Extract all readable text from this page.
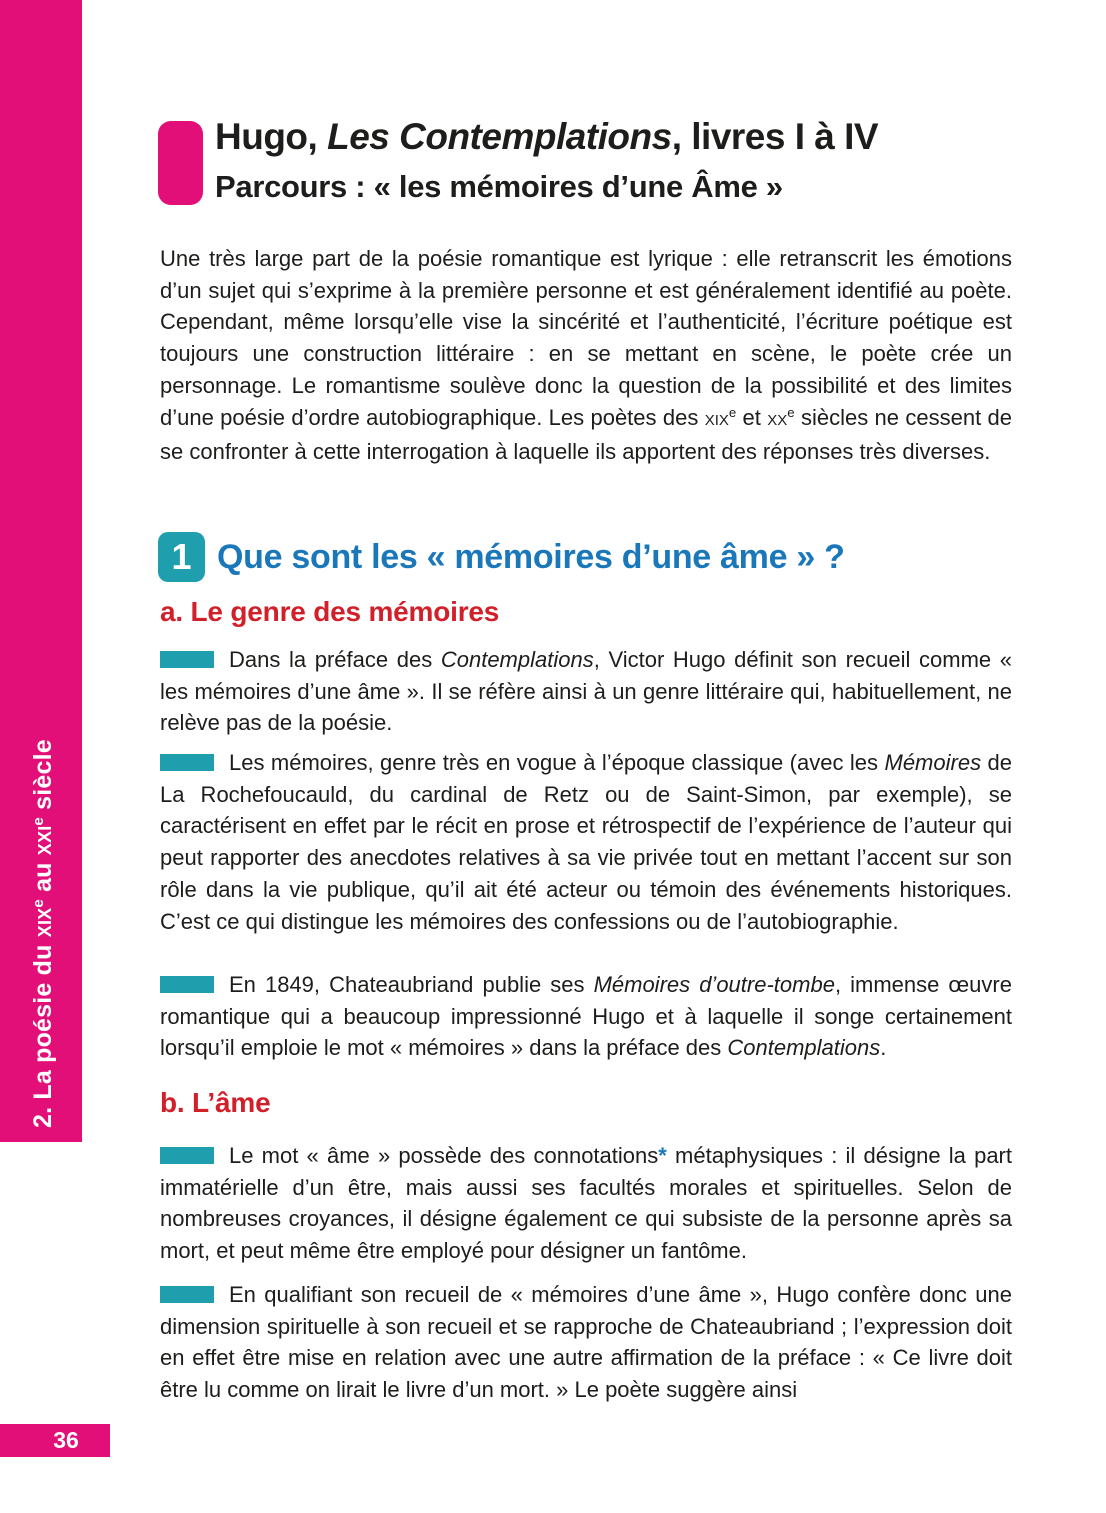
2. La poésie du xix$^e$ au xxi$^e$ siècle
Hugo, Les Contemplations, livres I à IV
Parcours : « les mémoires d’une Âme »

Une très large part de la poésie romantique est lyrique : elle retranscrit les émotions d’un sujet qui s’exprime à la première personne et est généralement identifié au poète. Cependant, même lorsqu’elle vise la sincérité et l’authenticité, l’écriture poétique est toujours une construction littéraire : en se mettant en scène, le poète crée un personnage. Le romantisme soulève donc la question de la possibilité et des limites d’une poésie d’ordre autobiographique. Les poètes des xix$^e$ et $xx^e$ siècles ne cessent de se confronter à cette interrogation à laquelle ils apportent des réponses très diverses.

1 Que sont les « mémoires d’une âme » ?
a. Le genre des mémoires

Dans la préface des Contemplations, Victor Hugo définit son recueil comme « les mémoires d’une âme ». Il se réfère ainsi à un genre littéraire qui, habituellement, ne relève pas de la poésie.

Les mémoires, genre très en vogue à l’époque classique (avec les Mémoires de La Rochefoucauld, du cardinal de Retz ou de Saint-Simon, par exemple), se caractérisent en effet par le récit en prose et rétrospectif de l’expérience de l’auteur qui peut rapporter des anecdotes relatives à sa vie privée tout en mettant l’accent sur son rôle dans la vie publique, qu’il ait été acteur ou témoin des événements historiques. C’est ce qui distingue les mémoires des confessions ou de l’autobiographie.

En 1849, Chateaubriand publie ses Mémoires d’outre-tombe, immense œuvre romantique qui a beaucoup impressionné Hugo et à laquelle il songe certainement lorsqu’il emploie le mot « mémoires » dans la préface des Contemplations.

b. L’âme

Le mot « âme » possède des connotations* métaphysiques : il désigne la part immatérielle d’un être, mais aussi ses facultés morales et spirituelles. Selon de nombreuses croyances, il désigne également ce qui subsiste de la personne après sa mort, et peut même être employé pour désigner un fantôme.

En qualifiant son recueil de « mémoires d’une âme », Hugo confère donc une dimension spirituelle à son recueil et se rapproche de Chateaubriand ; l’expression doit en effet être mise en relation avec une autre affirmation de la préface : « Ce livre doit être lu comme on lirait le livre d’un mort. » Le poète suggère ainsi

36
